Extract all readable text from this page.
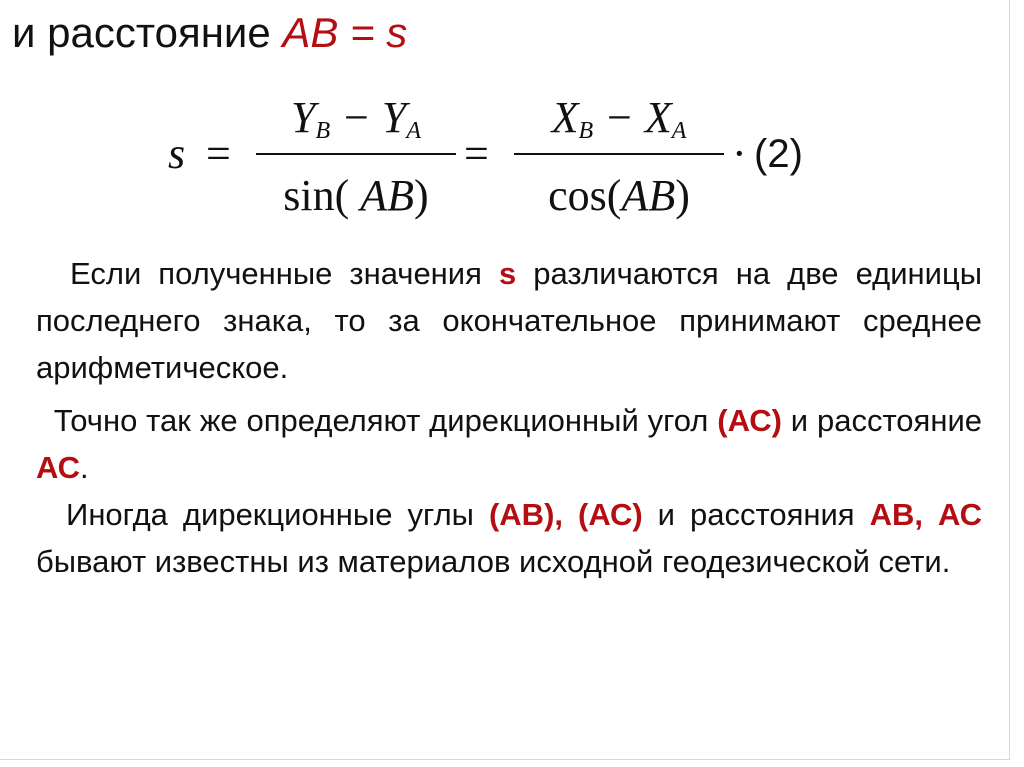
и расстояние AB = s
s =
$Y_B - Y_A$
sin( AB)
=
$X_B - X_A$
cos(AB)
· (2)
Если полученные значения s различаются на две единицы последнего знака, то за окончательное принимают среднее арифметическое.
Точно так же определяют дирекционный угол (АС) и расстояние АС.
Иногда дирекционные углы (АВ), (АС) и расстояния АВ, АС бывают известны из материалов исходной геодезической сети.
